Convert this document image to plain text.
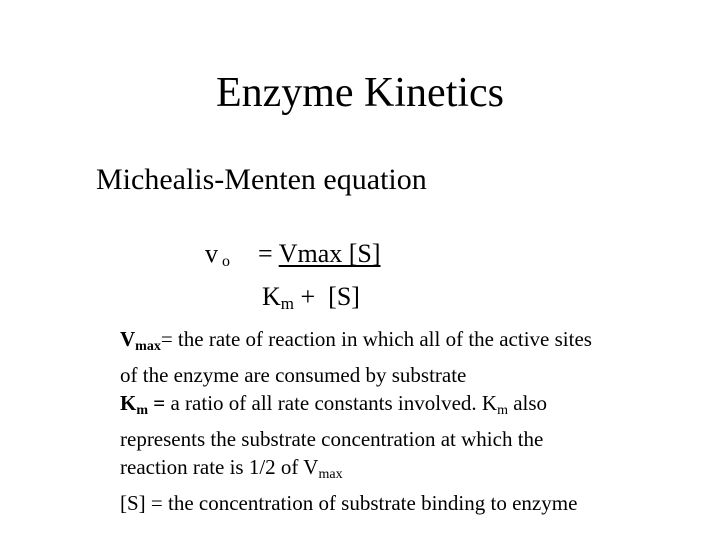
Enzyme Kinetics
Michealis-Menten equation
v $_o$ = Vmax [S]
$K_m + [S]$

Vmax= the rate of reaction in which all of the active sites

of the enzyme are consumed by substrate

Km = a ratio of all rate constants involved. Km also

represents the substrate concentration at which the

reaction rate is 1/2 of Vmax

[S] = the concentration of substrate binding to enzyme
